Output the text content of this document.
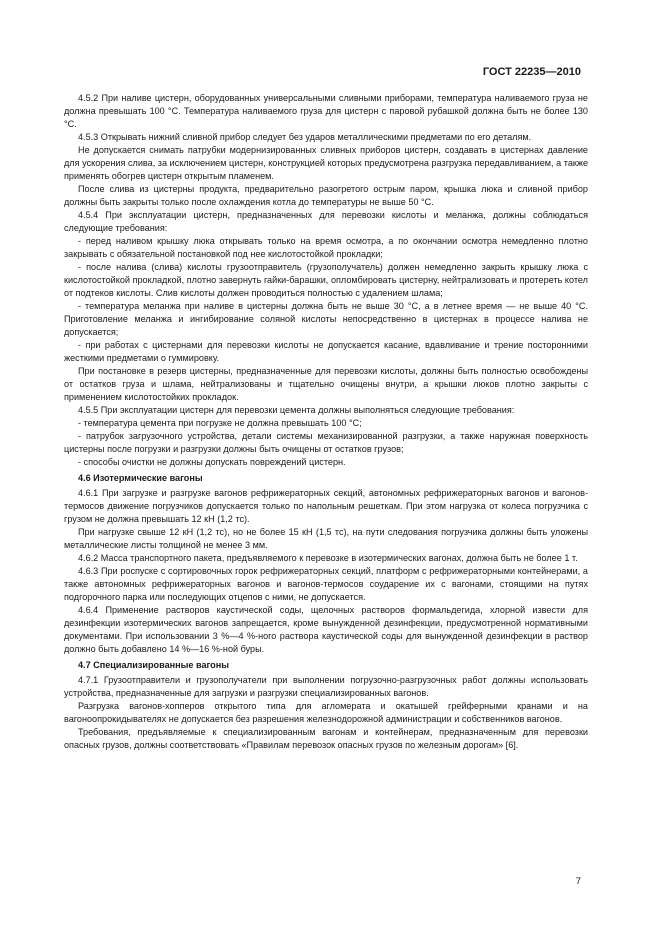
ГОСТ 22235—2010

4.5.2 При наливе цистерн, оборудованных универсальными сливными приборами, температура наливаемого груза не должна превышать 100 °С. Температура наливаемого груза для цистерн с паровой рубашкой должна быть не более 130 °С.

4.5.3 Открывать нижний сливной прибор следует без ударов металлическими предметами по его деталям.

Не допускается снимать патрубки модернизированных сливных приборов цистерн, создавать в цистернах давление для ускорения слива, за исключением цистерн, конструкцией которых предусмотрена разгрузка передавливанием, а также применять обогрев цистерн открытым пламенем.

После слива из цистерны продукта, предварительно разогретого острым паром, крышка люка и сливной прибор должны быть закрыты только после охлаждения котла до температуры не выше 50 °С.

4.5.4 При эксплуатации цистерн, предназначенных для перевозки кислоты и меланжа, должны соблюдаться следующие требования:

- перед наливом крышку люка открывать только на время осмотра, а по окончании осмотра немедленно плотно закрывать с обязательной постановкой под нее кислотостойкой прокладки;

- после налива (слива) кислоты грузоотправитель (грузополучатель) должен немедленно закрыть крышку люка с кислотостойкой прокладкой, плотно завернуть гайки-барашки, опломбировать цистерну, нейтрализовать и протереть котел от подтеков кислоты. Слив кислоты должен проводиться полностью с удалением шлама;

- температура меланжа при наливе в цистерны должна быть не выше 30 °С, а в летнее время — не выше 40 °С. Приготовление меланжа и ингибирование соляной кислоты непосредственно в цистернах в процессе налива не допускается;

- при работах с цистернами для перевозки кислоты не допускается касание, вдавливание и трение посторонними жесткими предметами о гуммировку.

При постановке в резерв цистерны, предназначенные для перевозки кислоты, должны быть полностью освобождены от остатков груза и шлама, нейтрализованы и тщательно очищены внутри, а крышки люков плотно закрыты с применением кислотостойких прокладок.

4.5.5 При эксплуатации цистерн для перевозки цемента должны выполняться следующие требования:

- температура цемента при погрузке не должна превышать 100 °С;

- патрубок загрузочного устройства, детали системы механизированной разгрузки, а также наружная поверхность цистерны после погрузки и разгрузки должны быть очищены от остатков грузов;

- способы очистки не должны допускать повреждений цистерн.

4.6 Изотермические вагоны

4.6.1 При загрузке и разгрузке вагонов рефрижераторных секций, автономных рефрижераторных вагонов и вагонов-термосов движение погрузчиков допускается только по напольным решеткам. При этом нагрузка от колеса погрузчика с грузом не должна превышать 12 кН (1,2 тс).

При нагрузке свыше 12 кН (1,2 тс), но не более 15 кН (1,5 тс), на пути следования погрузчика должны быть уложены металлические листы толщиной не менее 3 мм.

4.6.2 Масса транспортного пакета, предъявляемого к перевозке в изотермических вагонах, должна быть не более 1 т.

4.6.3 При роспуске с сортировочных горок рефрижераторных секций, платформ с рефрижераторными контейнерами, а также автономных рефрижераторных вагонов и вагонов-термосов соударение их с вагонами, стоящими на путях подгорочного парка или последующих отцепов с ними, не допускается.

4.6.4 Применение растворов каустической соды, щелочных растворов формальдегида, хлорной извести для дезинфекции изотермических вагонов запрещается, кроме вынужденной дезинфекции, предусмотренной нормативными документами. При использовании 3 %—4 %-ного раствора каустической соды для вынужденной дезинфекции в раствор должно быть добавлено 14 %—16 %-ной буры.

4.7 Специализированные вагоны

4.7.1 Грузоотправители и грузополучатели при выполнении погрузочно-разгрузочных работ должны использовать устройства, предназначенные для загрузки и разгрузки специализированных вагонов.

Разгрузка вагонов-хопперов открытого типа для агломерата и окатышей грейферными кранами и на вагоноопрокидывателях не допускается без разрешения железнодорожной администрации и собственников вагонов.

Требования, предъявляемые к специализированным вагонам и контейнерам, предназначенным для перевозки опасных грузов, должны соответствовать «Правилам перевозок опасных грузов по железным дорогам» [6].

7
